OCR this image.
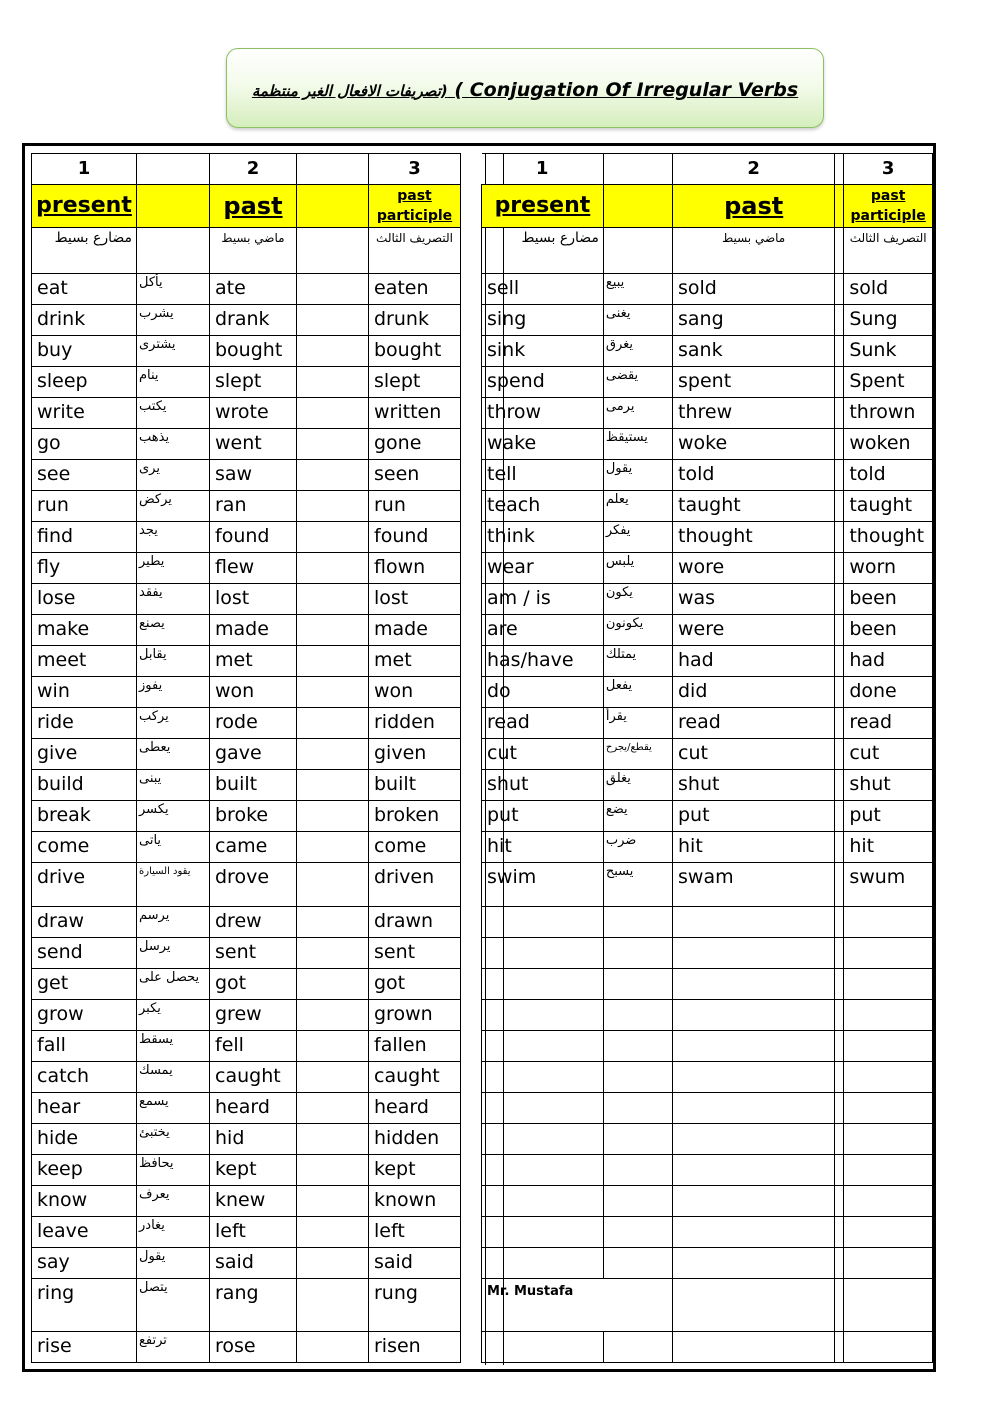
(تصريفات الافعال الغير منتظمة ( Conjugation Of Irregular Verbs
1		2		3
present		past		past participle
مضارع بسيط		ماضي بسيط		التصريف الثالث
eat	يأكل	ate		eaten
drink	يشرب	drank		drunk
buy	يشترى	bought		bought
sleep	ينام	slept		slept
write	يكتب	wrote		written
go	يذهب	went		gone
see	يرى	saw		seen
run	يركض	ran		run
find	يجد	found		found
fly	يطير	flew		flown
lose	يفقد	lost		lost
make	يصنع	made		made
meet	يقابل	met		met
win	يفوز	won		won
ride	يركب	rode		ridden
give	يعطى	gave		given
build	يبنى	built		built
break	يكسر	broke		broken
come	ياتى	came		come
drive	يقود السيارة	drove		driven
draw	يرسم	drew		drawn
send	يرسل	sent		sent
get	يحصل على	got		got
grow	يكبر	grew		grown
fall	يسقط	fell		fallen
catch	يمسك	caught		caught
hear	يسمع	heard		heard
hide	يختبئ	hid		hidden
keep	يحافظ	kept		kept
know	يعرف	knew		known
leave	يغادر	left		left
say	يقول	said		said
ring	يتصل	rang		rung
rise	ترتفع	rose		risen
1		2		3
present		past		past participle
مضارع بسيط		ماضي بسيط		التصريف الثالث
sell	يبيع	sold		sold
sing	يغنى	sang		Sung
sink	يغرق	sank		Sunk
spend	يقضى	spent		Spent
throw	يرمى	threw		thrown
wake	يستيقظ	woke		woken
tell	يقول	told		told
teach	يعلم	taught		taught
think	يفكر	thought		thought
wear	يلبس	wore		worn
am / is	يكون	was		been
are	يكونون	were		been
has/have	يمتلك	had		had
do	يفعل	did		done
read	يقرأ	read		read
cut	يقطع/يجرح	cut		cut
shut	يغلق	shut		shut
put	يضع	put		put
hit	ضرب	hit		hit
swim	يسبح	swam		swum

Mr. Mustafa				
